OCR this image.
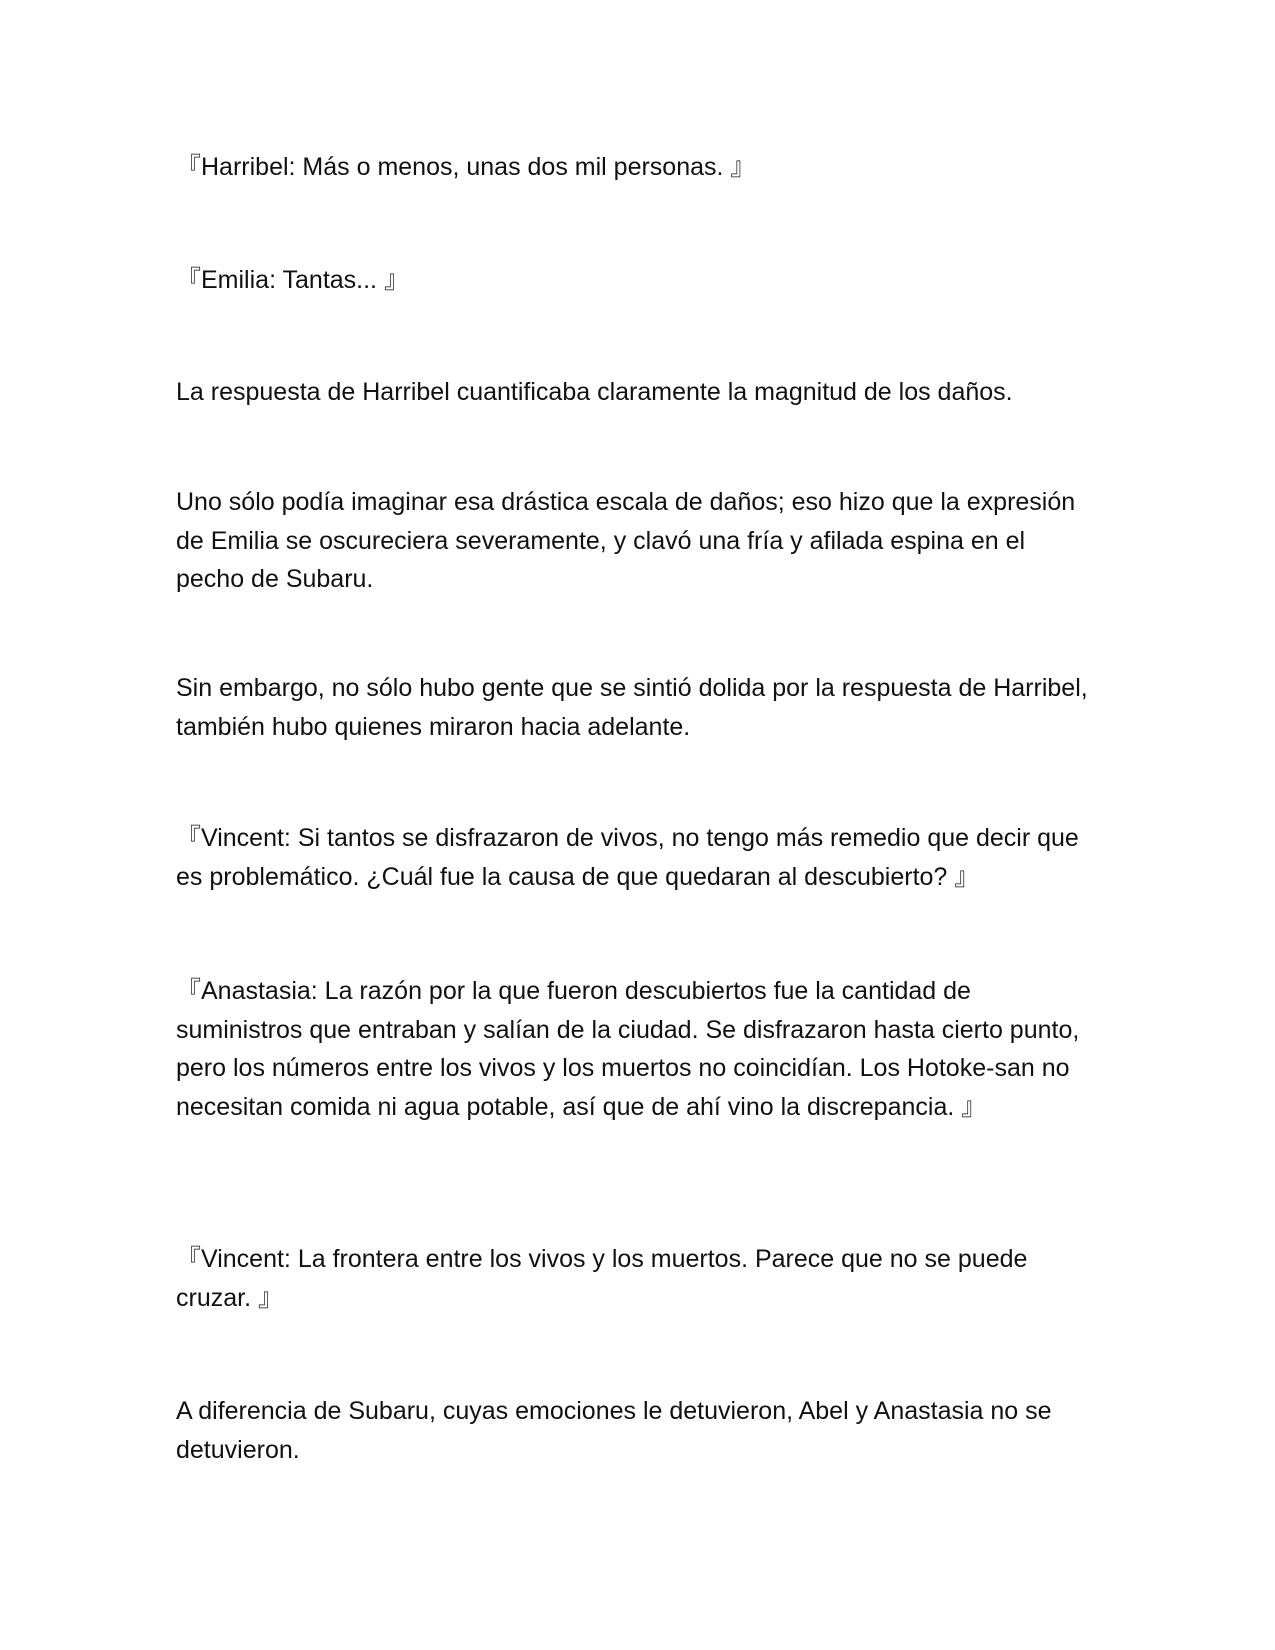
『Harribel: Más o menos, unas dos mil personas. 』

『Emilia: Tantas... 』

La respuesta de Harribel cuantificaba claramente la magnitud de los daños.

Uno sólo podía imaginar esa drástica escala de daños; eso hizo que la expresión de Emilia se oscureciera severamente, y clavó una fría y afilada espina en el pecho de Subaru.

Sin embargo, no sólo hubo gente que se sintió dolida por la respuesta de Harribel, también hubo quienes miraron hacia adelante.

『Vincent: Si tantos se disfrazaron de vivos, no tengo más remedio que decir que es problemático. ¿Cuál fue la causa de que quedaran al descubierto? 』

『Anastasia: La razón por la que fueron descubiertos fue la cantidad de suministros que entraban y salían de la ciudad. Se disfrazaron hasta cierto punto, pero los números entre los vivos y los muertos no coincidían. Los Hotoke-san no necesitan comida ni agua potable, así que de ahí vino la discrepancia. 』

『Vincent: La frontera entre los vivos y los muertos. Parece que no se puede cruzar. 』

A diferencia de Subaru, cuyas emociones le detuvieron, Abel y Anastasia no se detuvieron.
